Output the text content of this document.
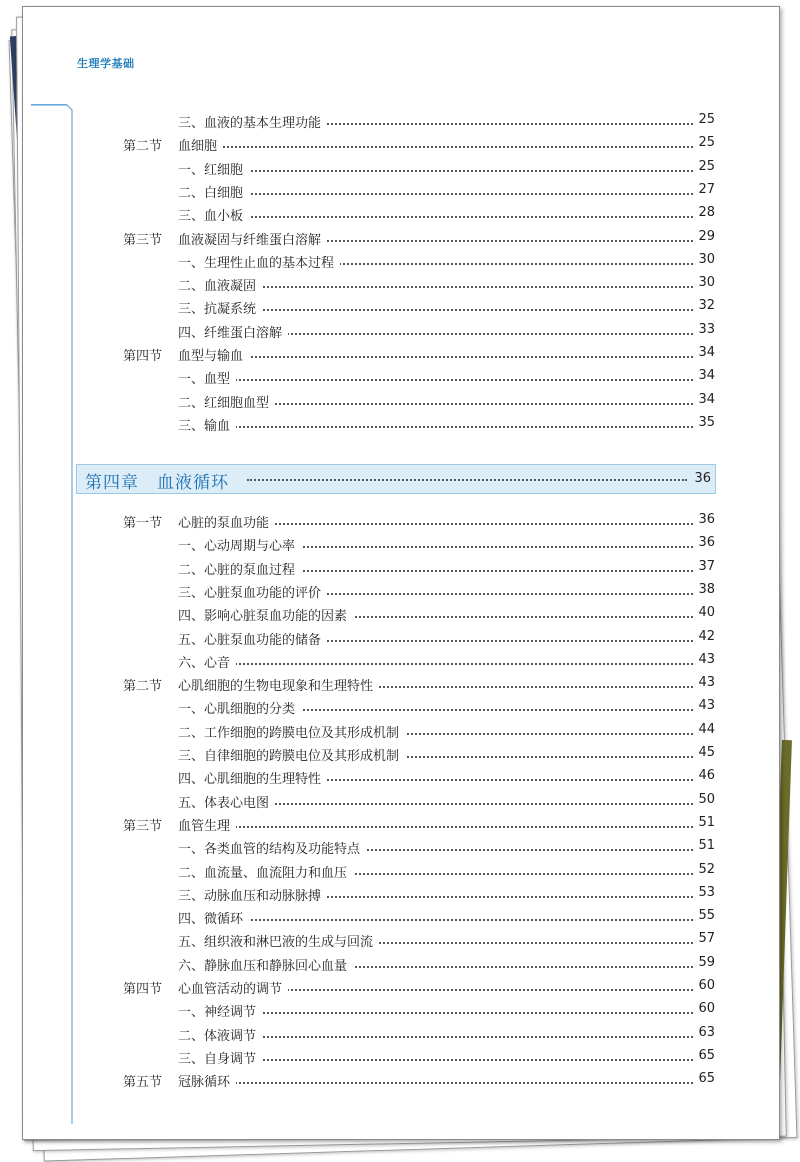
生理学基础
三、血液的基本生理功能	25
第二节 血细胞	25
一、红细胞	25
二、白细胞	27
三、血小板	28
第三节 血液凝固与纤维蛋白溶解	29
一、生理性止血的基本过程	30
二、血液凝固	30
三、抗凝系统	32
四、纤维蛋白溶解	33
第四节 血型与输血	34
一、血型	34
二、红细胞血型	34
三、输血	35
第四章　血液循环	36
第一节 心脏的泵血功能	36
一、心动周期与心率	36
二、心脏的泵血过程	37
三、心脏泵血功能的评价	38
四、影响心脏泵血功能的因素	40
五、心脏泵血功能的储备	42
六、心音	43
第二节 心肌细胞的生物电现象和生理特性	43
一、心肌细胞的分类	43
二、工作细胞的跨膜电位及其形成机制	44
三、自律细胞的跨膜电位及其形成机制	45
四、心肌细胞的生理特性	46
五、体表心电图	50
第三节 血管生理	51
一、各类血管的结构及功能特点	51
二、血流量、血流阻力和血压	52
三、动脉血压和动脉脉搏	53
四、微循环	55
五、组织液和淋巴液的生成与回流	57
六、静脉血压和静脉回心血量	59
第四节 心血管活动的调节	60
一、神经调节	60
二、体液调节	63
三、自身调节	65
第五节 冠脉循环	65
